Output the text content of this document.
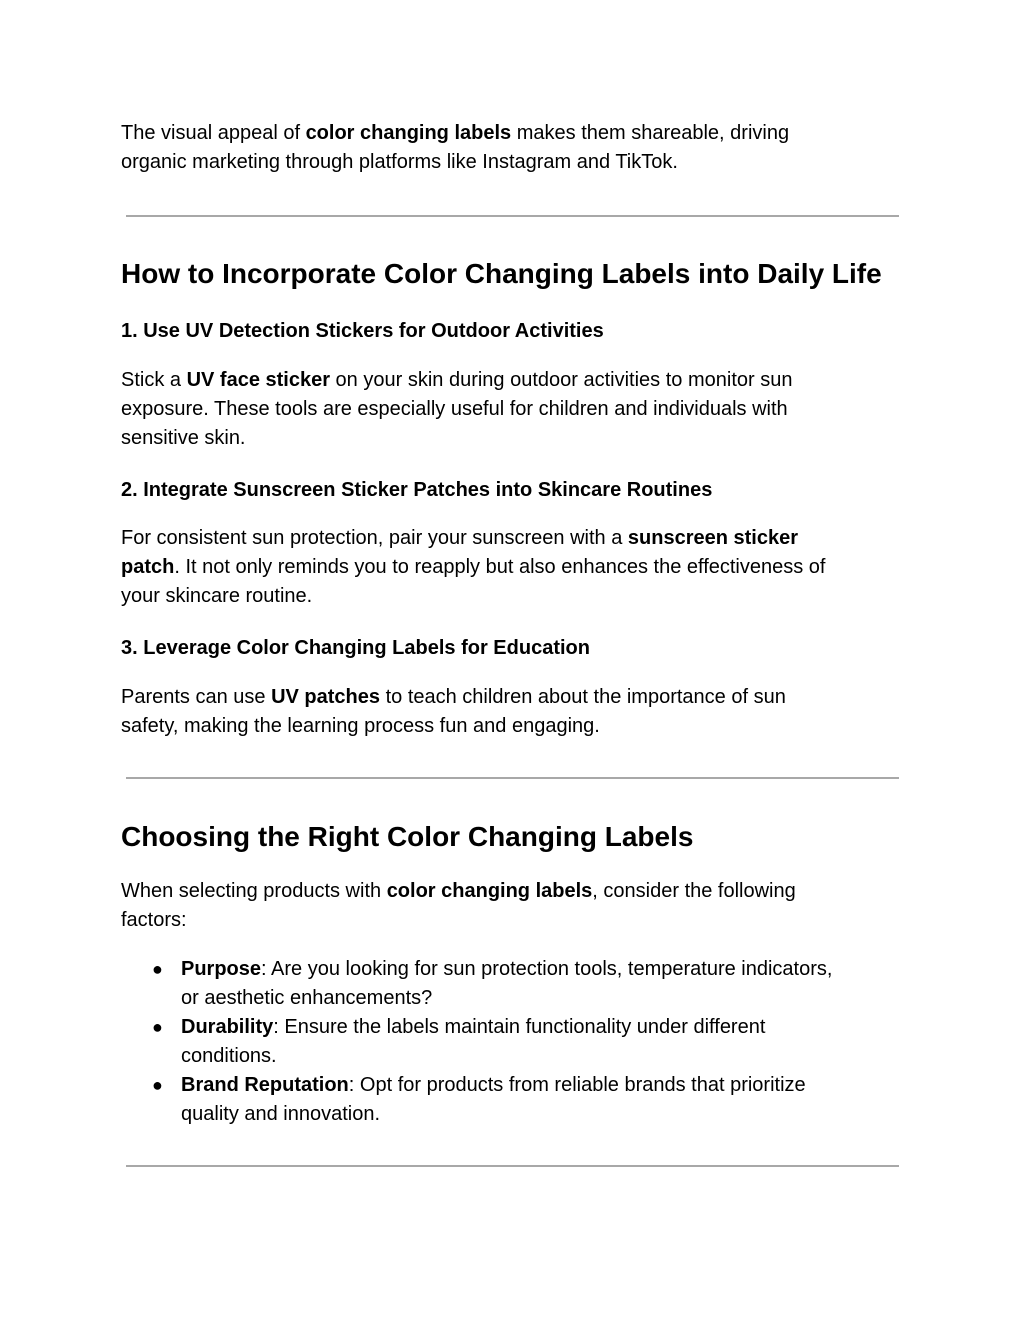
The visual appeal of color changing labels makes them shareable, driving
organic marketing through platforms like Instagram and TikTok.

How to Incorporate Color Changing Labels into Daily Life
1. Use UV Detection Stickers for Outdoor Activities

Stick a UV face sticker on your skin during outdoor activities to monitor sun
exposure. These tools are especially useful for children and individuals with
sensitive skin.

2. Integrate Sunscreen Sticker Patches into Skincare Routines

For consistent sun protection, pair your sunscreen with a sunscreen sticker
patch. It not only reminds you to reapply but also enhances the effectiveness of
your skincare routine.

3. Leverage Color Changing Labels for Education

Parents can use UV patches to teach children about the importance of sun
safety, making the learning process fun and engaging.

Choosing the Right Color Changing Labels

When selecting products with color changing labels, consider the following
factors:

● Purpose: Are you looking for sun protection tools, temperature indicators,
or aesthetic enhancements?
● Durability: Ensure the labels maintain functionality under different
conditions.
● Brand Reputation: Opt for products from reliable brands that prioritize
quality and innovation.
